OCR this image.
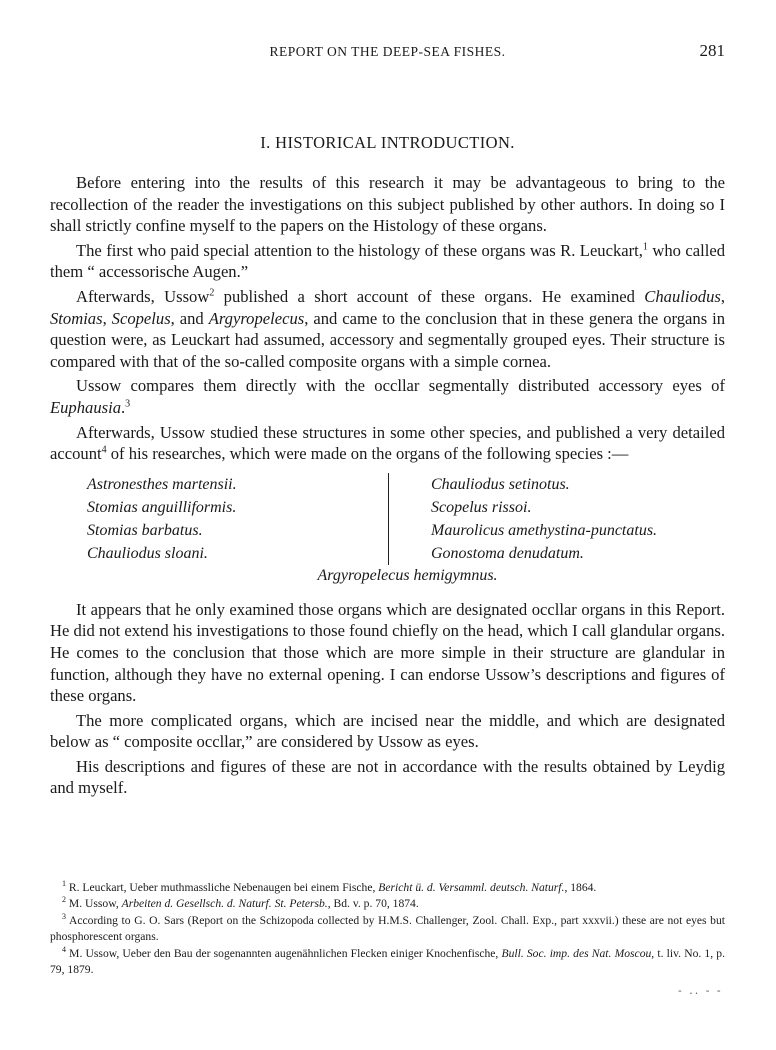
REPORT ON THE DEEP-SEA FISHES.	281
I. HISTORICAL INTRODUCTION.

Before entering into the results of this research it may be advantageous to bring to the recollection of the reader the investigations on this subject published by other authors. In doing so I shall strictly confine myself to the papers on the Histology of these organs.

The first who paid special attention to the histology of these organs was R. Leuckart,$^1$ who called them “ accessorische Augen.”

Afterwards, Ussow$^2$ published a short account of these organs. He examined Chauliodus, Stomias, Scopelus, and Argyropelecus, and came to the conclusion that in these genera the organs in question were, as Leuckart had assumed, accessory and segmentally grouped eyes. Their structure is compared with that of the so-called composite organs with a simple cornea.

Ussow compares them directly with the occllar segmentally distributed accessory eyes of Euphausia.$^3$

Afterwards, Ussow studied these structures in some other species, and published a very detailed account$^4$ of his researches, which were made on the organs of the following species :—

Astronesthes martensii.
Stomias anguilliformis.
Stomias barbatus.
Chauliodus sloani.
Chauliodus setinotus.
Scopelus rissoi.
Maurolicus amethystina-punctatus.
Gonostoma denudatum.
Argyropelecus hemigymnus.

It appears that he only examined those organs which are designated occllar organs in this Report. He did not extend his investigations to those found chiefly on the head, which I call glandular organs. He comes to the conclusion that those which are more simple in their structure are glandular in function, although they have no external opening. I can endorse Ussow’s descriptions and figures of these organs.

The more complicated organs, which are incised near the middle, and which are designated below as “ composite occllar,” are considered by Ussow as eyes.

His descriptions and figures of these are not in accordance with the results obtained by Leydig and myself.

$^1$ R. Leuckart, Ueber muthmassliche Nebenaugen bei einem Fische, Bericht ü. d. Versamml. deutsch. Naturf., 1864.

$^2$ M. Ussow, Arbeiten d. Gesellsch. d. Naturf. St. Petersb., Bd. v. p. 70, 1874.

$^3$ According to G. O. Sars (Report on the Schizopoda collected by H.M.S. Challenger, Zool. Chall. Exp., part xxxvii.) these are not eyes but phosphorescent organs.

$^4$ M. Ussow, Ueber den Bau der sogenannten augenähnlichen Flecken einiger Knochenfische, Bull. Soc. imp. des Nat. Moscou, t. liv. No. 1, p. 79, 1879.

- .. - -
